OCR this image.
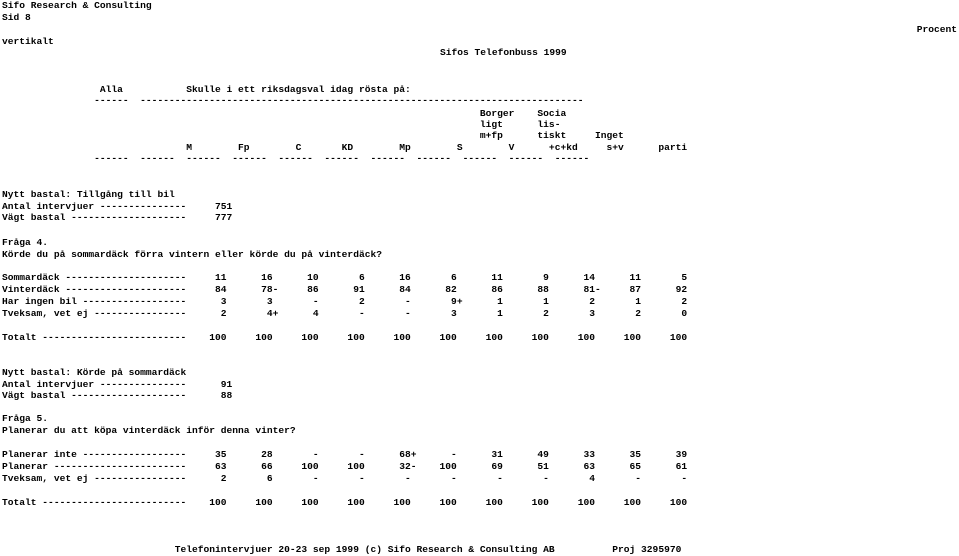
Sifo Research & Consulting
Sid 8
Procent
vertikalt
Sifos Telefonbuss 1999
Alla           Skulle i ett riksdagsval idag rösta på:
------  -----------------------------------------------------------------------------
Borger    Socia
ligt      lis-
m+fp      tiskt     Inget
M        Fp        C       KD        Mp        S        V      +c+kd     s+v      parti
------  ------  ------  ------  ------  ------  ------  ------  ------  ------  ------
Nytt bastal: Tillgång till bil
Antal intervjuer ---------------     751
Vägt bastal --------------------     777
Fråga 4.
Körde du på sommardäck förra vintern eller körde du på vinterdäck?
Sommardäck ---------------------     11      16      10       6      16       6      11       9      14      11       5
Vinterdäck ---------------------     84      78-     86      91      84      82      86      88      81-     87      92
Har ingen bil ------------------      3       3       -       2       -       9+      1       1       2       1       2
Tveksam, vet ej ----------------      2       4+      4       -       -       3       1       2       3       2       0
Totalt -------------------------    100     100     100     100     100     100     100     100     100     100     100
Nytt bastal: Körde på sommardäck
Antal intervjuer ---------------      91
Vägt bastal --------------------      88
Fråga 5.
Planerar du att köpa vinterdäck inför denna vinter?
Planerar inte ------------------     35      28       -       -      68+      -      31      49      33      35      39
Planerar -----------------------     63      66     100     100      32-    100      69      51      63      65      61
Tveksam, vet ej ----------------      2       6       -       -       -       -       -       -       4       -       -
Totalt -------------------------    100     100     100     100     100     100     100     100     100     100     100
Telefonintervjuer 20-23 sep 1999 (c) Sifo Research & Consulting AB          Proj 3295970
